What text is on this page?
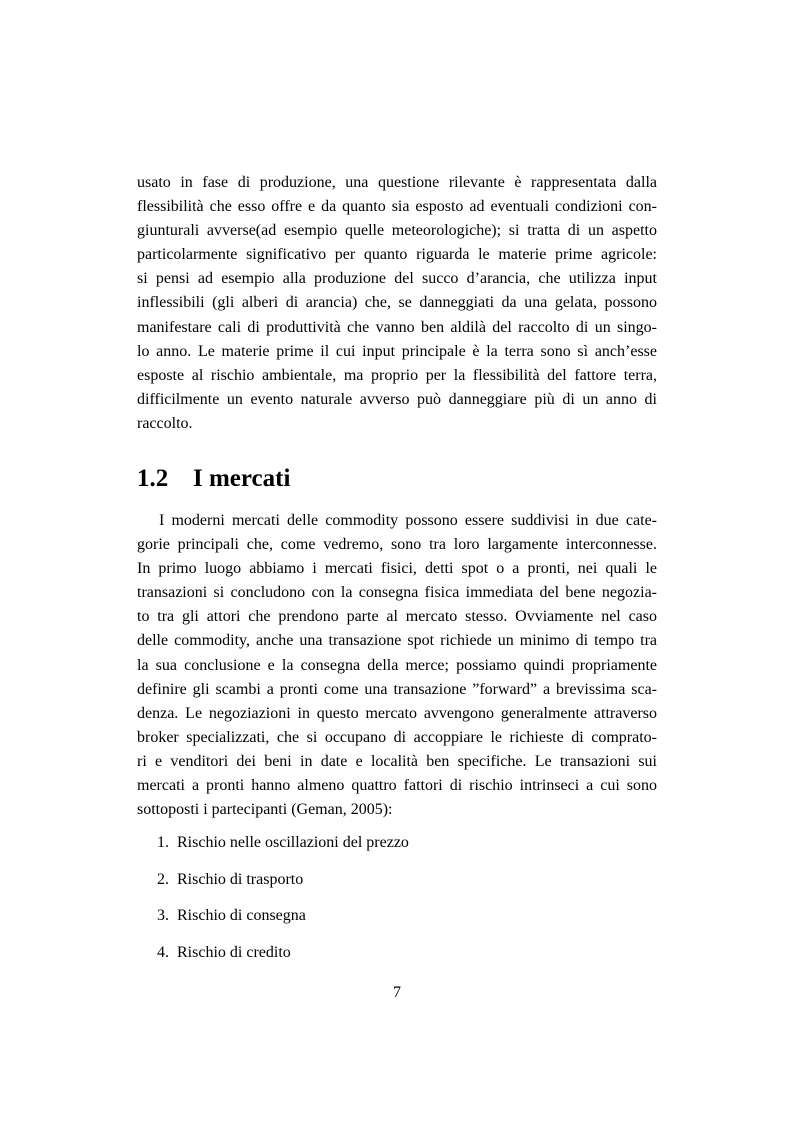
usato in fase di produzione, una questione rilevante è rappresentata dalla
flessibilità che esso offre e da quanto sia esposto ad eventuali condizioni con-
giunturali avverse(ad esempio quelle meteorologiche); si tratta di un aspetto
particolarmente significativo per quanto riguarda le materie prime agricole:
si pensi ad esempio alla produzione del succo d’arancia, che utilizza input
inflessibili (gli alberi di arancia) che, se danneggiati da una gelata, possono
manifestare cali di produttività che vanno ben aldilà del raccolto di un singo-
lo anno. Le materie prime il cui input principale è la terra sono sì anch’esse
esposte al rischio ambientale, ma proprio per la flessibilità del fattore terra,
difficilmente un evento naturale avverso può danneggiare più di un anno di
raccolto.
1.2 I mercati
I moderni mercati delle commodity possono essere suddivisi in due cate-
gorie principali che, come vedremo, sono tra loro largamente interconnesse.
In primo luogo abbiamo i mercati fisici, detti spot o a pronti, nei quali le
transazioni si concludono con la consegna fisica immediata del bene negozia-
to tra gli attori che prendono parte al mercato stesso. Ovviamente nel caso
delle commodity, anche una transazione spot richiede un minimo di tempo tra
la sua conclusione e la consegna della merce; possiamo quindi propriamente
definire gli scambi a pronti come una transazione ”forward” a brevissima sca-
denza. Le negoziazioni in questo mercato avvengono generalmente attraverso
broker specializzati, che si occupano di accoppiare le richieste di comprato-
ri e venditori dei beni in date e località ben specifiche. Le transazioni sui
mercati a pronti hanno almeno quattro fattori di rischio intrinseci a cui sono
sottoposti i partecipanti (Geman, 2005):
1. Rischio nelle oscillazioni del prezzo
2. Rischio di trasporto
3. Rischio di consegna
4. Rischio di credito
7
